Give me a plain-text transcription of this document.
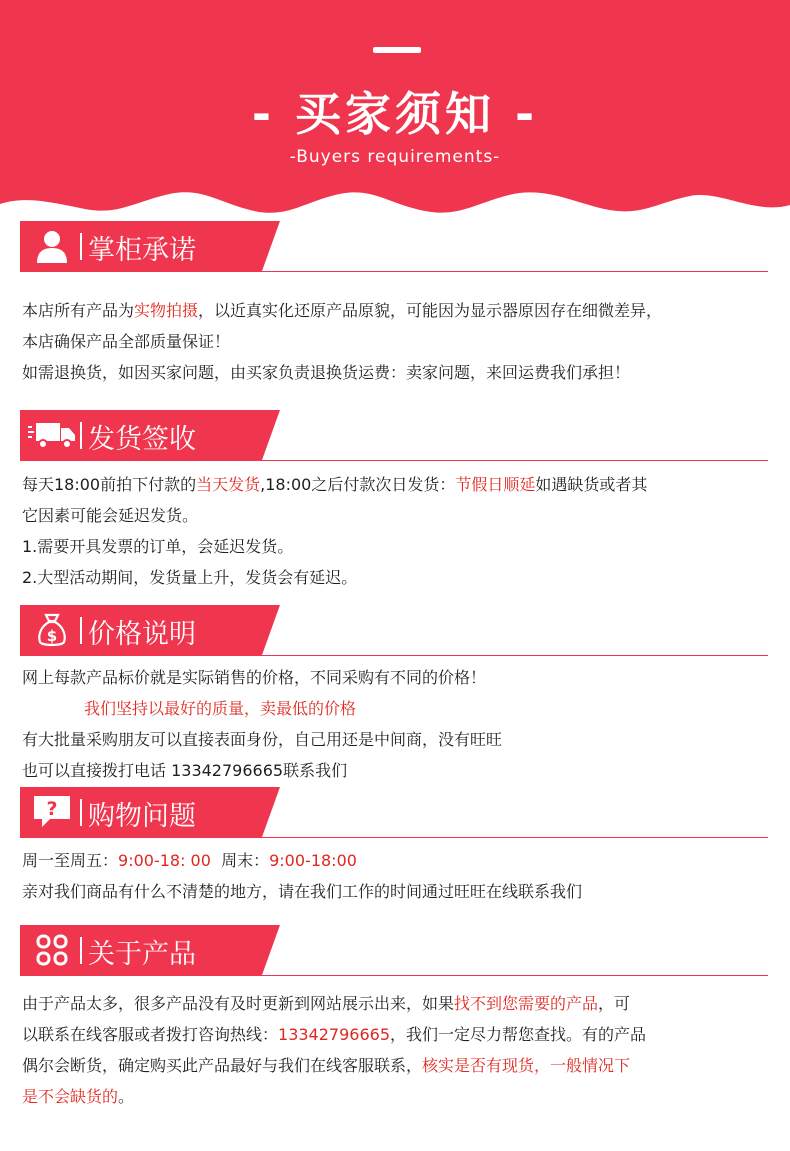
- 买家须知 -
-Buyers requirements-
掌柜承诺
本店所有产品为实物拍摄，以近真实化还原产品原貌，可能因为显示器原因存在细微差异，
本店确保产品全部质量保证！
如需退换货，如因买家问题，由买家负责退换货运费：卖家问题，来回运费我们承担！
发货签收
每天18:00前拍下付款的当天发货,18:00之后付款次日发货：节假日顺延如遇缺货或者其
它因素可能会延迟发货。
1.需要开具发票的订单，会延迟发货。
2.大型活动期间，发货量上升，发货会有延迟。
$ 价格说明
网上每款产品标价就是实际销售的价格，不同采购有不同的价格！
我们坚持以最好的质量，卖最低的价格
有大批量采购朋友可以直接表面身份，自己用还是中间商，没有旺旺
也可以直接拨打电话 13342796665联系我们
? 购物问题
周一至周五：9:00-18: 00  周末：9:00-18:00
亲对我们商品有什么不清楚的地方，请在我们工作的时间通过旺旺在线联系我们
关于产品
由于产品太多，很多产品没有及时更新到网站展示出来，如果找不到您需要的产品，可
以联系在线客服或者拨打咨询热线：13342796665，我们一定尽力帮您查找。有的产品
偶尔会断货，确定购买此产品最好与我们在线客服联系，核实是否有现货，一般情况下
是不会缺货的。
